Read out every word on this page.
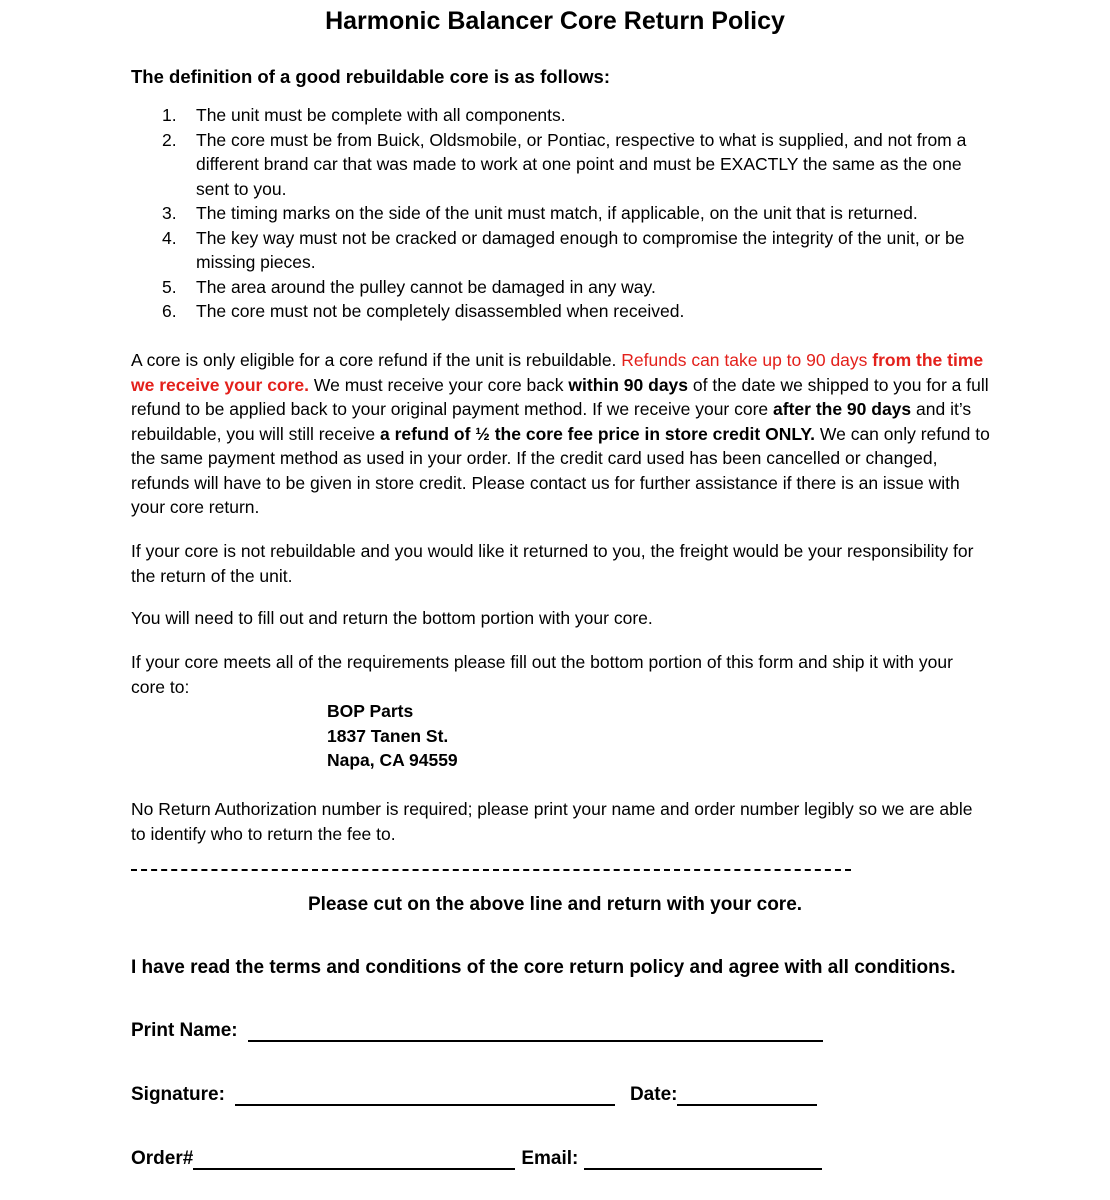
Harmonic Balancer Core Return Policy

The definition of a good rebuildable core is as follows:

1.	The unit must be complete with all components.
2.	The core must be from Buick, Oldsmobile, or Pontiac, respective to what is supplied, and not from a different brand car that was made to work at one point and must be EXACTLY the same as the one sent to you.
3.	The timing marks on the side of the unit must match, if applicable, on the unit that is returned.
4.	The key way must not be cracked or damaged enough to compromise the integrity of the unit, or be missing pieces.
5.	The area around the pulley cannot be damaged in any way.
6.	The core must not be completely disassembled when received.

A core is only eligible for a core refund if the unit is rebuildable. Refunds can take up to 90 days from the time we receive your core. We must receive your core back within 90 days of the date we shipped to you for a full refund to be applied back to your original payment method. If we receive your core after the 90 days and it’s rebuildable, you will still receive a refund of ½ the core fee price in store credit ONLY. We can only refund to the same payment method as used in your order. If the credit card used has been cancelled or changed, refunds will have to be given in store credit. Please contact us for further assistance if there is an issue with your core return.

If your core is not rebuildable and you would like it returned to you, the freight would be your responsibility for the return of the unit.

You will need to fill out and return the bottom portion with your core.

If your core meets all of the requirements please fill out the bottom portion of this form and ship it with your core to:

BOP Parts
1837 Tanen St.
Napa, CA 94559

No Return Authorization number is required; please print your name and order number legibly so we are able to identify who to return the fee to.

Please cut on the above line and return with your core.

I have read the terms and conditions of the core return policy and agree with all conditions.

Print Name:
Signature:	Date:
Order#	Email:
